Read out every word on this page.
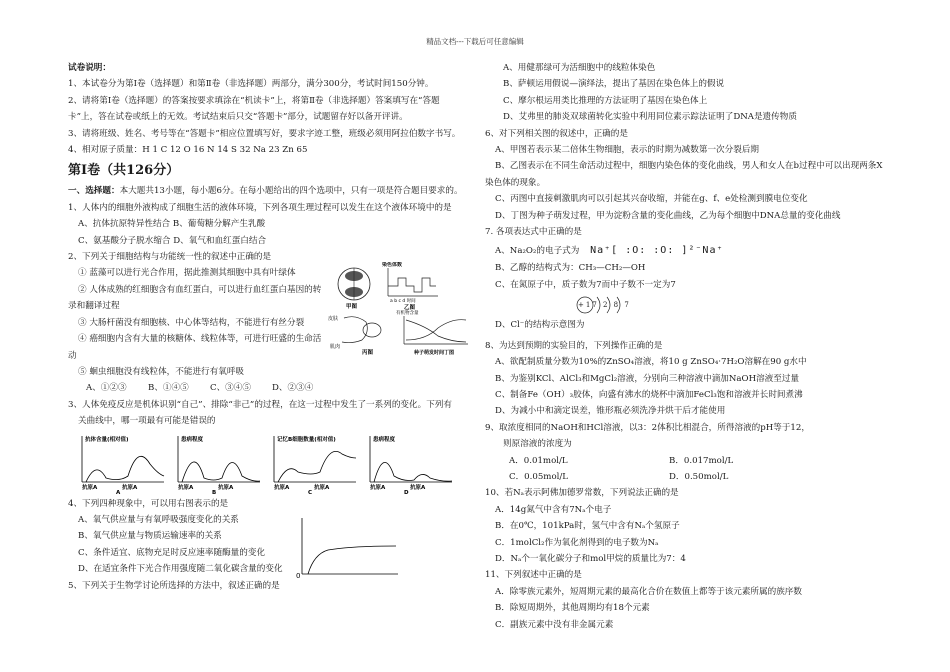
精品文档---下载后可任意编辑
试卷说明：
1、本试卷分为第Ⅰ卷（选择题）和第Ⅱ卷（非选择题）两部分，满分300分，考试时间150分钟。
2、请将第Ⅰ卷（选择题）的答案按要求填涂在“机读卡”上，将第Ⅱ卷（非选择题）答案填写在“答题
卡”上，答在试卷或纸上的无效。考试结束后只交“答题卡”部分，试题留存好以备开评讲。
3、请将班级、姓名、考号等在“答题卡”相应位置填写好，要求字迹工整，班级必须用阿拉伯数字书写。
4、相对原子质量：H 1 C 12 O 16 N 14 S 32 Na 23 Zn 65
第Ⅰ卷（共126分）
一、选择题：本大题共13小题，每小题6分。在每小题给出的四个选项中，只有一项是符合题目要求的。
1、人体内的细胞外液构成了细胞生活的液体环境，下列各项生理过程可以发生在这个液体环境中的是
A、抗体抗原特异性结合 B、葡萄糖分解产生乳酸
C、氨基酸分子脱水缩合 D、氧气和血红蛋白结合
2、下列关于细胞结构与功能统一性的叙述中正确的是
① 蓝藻可以进行光合作用，据此推测其细胞中具有叶绿体
② 人体成熟的红细胞含有血红蛋白，可以进行血红蛋白基因的转
录和翻译过程
③ 大肠杆菌没有细胞核、中心体等结构，不能进行有丝分裂
④ 癌细胞内含有大量的核糖体、线粒体等，可进行旺盛的生命活
动
⑤ 蛔虫细胞没有线粒体，不能进行有氧呼吸
A、①②③	B、①④⑤	C、③④⑤	D、②③④
3、人体免疫反应是机体识别“自己”、排除“非己”的过程，在这一过程中发生了一系列的变化。下列有
关曲线中，哪一项最有可能是错误的
抗体含量(相对值)
抗原A	抗原A
A
患病程度
抗原A	抗原A
B
记忆B细胞数量(相对值)
抗原A	抗原A
C
患病程度
抗原A	抗原A
D
4、下列四种现象中，可以用右图表示的是
A、氧气供应量与有氧呼吸强度变化的关系
B、氧气供应量与物质运输速率的关系
C、条件适宜、底物充足时反应速率随酶量的变化
D、在适宜条件下光合作用强度随二氧化碳含量的变化
5、下列关于生物学讨论所选择的方法中，叙述正确的是
甲图
染色体数
a b c d 时间
乙图
皮肤
肌肉
丙图
有机物含量
种子萌发时间丁图
0
A、用健那绿可为活细胞中的线粒体染色
B、萨顿运用假说—演绎法，提出了基因在染色体上的假说
C、摩尔根运用类比推理的方法证明了基因在染色体上
D、艾弗里的肺炎双球菌转化实验中利用同位素示踪法证明了DNA是遗传物质
6、对下列相关图的叙述中，正确的是
A、甲图若表示某二倍体生物细胞，表示的时期为减数第一次分裂后期
B、乙图表示在不同生命活动过程中，细胞内染色体的变化曲线，男人和女人在b过程中可以出现两条X
染色体的现象。
C、丙图中直接刺激肌肉可以引起其兴奋收缩，并能在g、f、e处检测到膜电位变化
D、丁图为种子萌发过程，甲为淀粉含量的变化曲线，乙为每个细胞中DNA总量的变化曲线
7. 各项表达式中正确的是
A、Na₂O₂的电子式为 Na⁺[ :O: :O: ]²⁻Na⁺
B、乙醇的结构式为：CH₃—CH₂—OH
C、在氮原子中，质子数为7而中子数不一定为7
+17 2 8 7
D、Cl⁻的结构示意图为
8、为达到预期的实验目的，下列操作正确的是
A、欲配制质量分数为10%的ZnSO₄溶液，将10 g ZnSO₄·7H₂O溶解在90 g水中
B、为鉴别KCl、AlCl₃和MgCl₂溶液，分别向三种溶液中滴加NaOH溶液至过量
C、制备Fe（OH）₃胶体，向盛有沸水的烧杯中滴加FeCl₃饱和溶液并长时间煮沸
D、为减小中和滴定误差，锥形瓶必须洗净并烘干后才能使用
9、取浓度相同的NaOH和HCl溶液，以3：2体积比相混合，所得溶液的pH等于12，
则原溶液的浓度为
A．0.01mol/L	B．0.017mol/L
C．0.05mol/L	D．0.50mol/L
10、若Nₐ表示阿佛加德罗常数，下列说法正确的是
A．14g氮气中含有7Nₐ个电子
B．在0℃，101kPa时，氢气中含有Nₐ个氢原子
C．1molCl₂作为氧化剂得到的电子数为Nₐ
D．Nₐ个一氧化碳分子和mol甲烷的质量比为7：4
11、下列叙述中正确的是
A．除零族元素外，短周期元素的最高化合价在数值上都等于该元素所属的族序数
B．除短周期外，其他周期均有18个元素
C．副族元素中没有非金属元素
